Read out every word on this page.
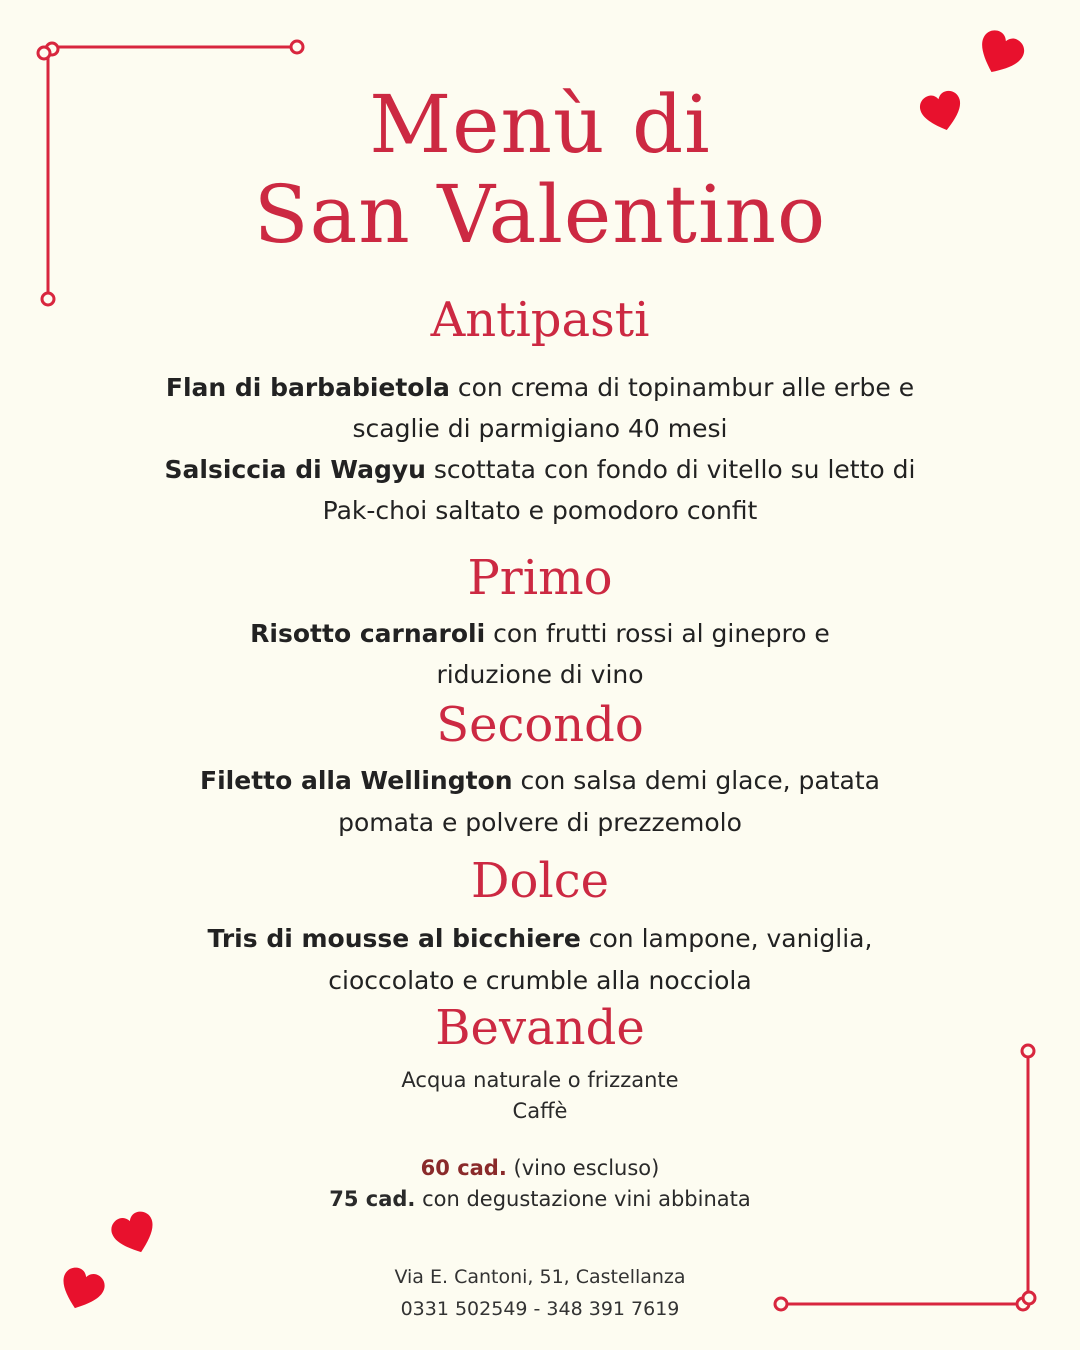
Menù di
San Valentino
Antipasti

Flan di barbabietola con crema di topinambur alle erbe e

scaglie di parmigiano 40 mesi

Salsiccia di Wagyu scottata con fondo di vitello su letto di

Pak-choi saltato e pomodoro confit

Primo

Risotto carnaroli con frutti rossi al ginepro e

riduzione di vino

Secondo

Filetto alla Wellington con salsa demi glace, patata

pomata e polvere di prezzemolo

Dolce

Tris di mousse al bicchiere con lampone, vaniglia,

cioccolato e crumble alla nocciola

Bevande

Acqua naturale o frizzante

Caffè

60 cad. (vino escluso)

75 cad. con degustazione vini abbinata

Via E. Cantoni, 51, Castellanza

0331 502549 - 348 391 7619
